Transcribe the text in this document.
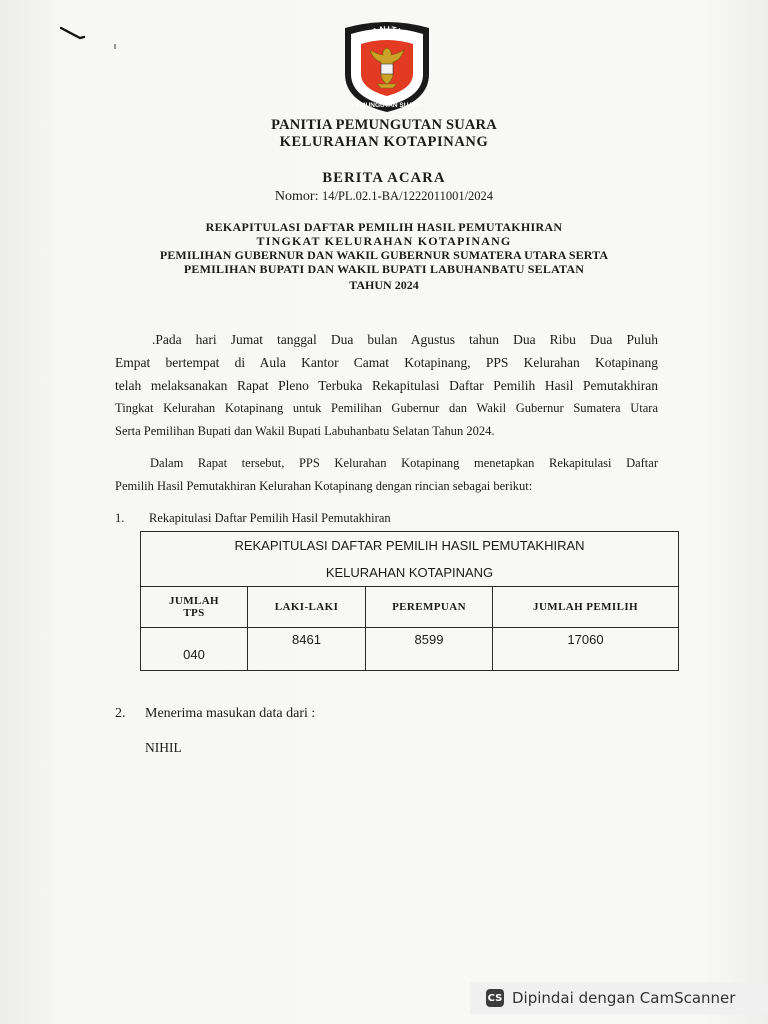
PANITIA
PEMUNGUTAN SUARA
PANITIA PEMUNGUTAN SUARA
KELURAHAN KOTAPINANG
BERITA ACARA
Nomor: 14/PL.02.1-BA/1222011001/2024
REKAPITULASI DAFTAR PEMILIH HASIL PEMUTAKHIRAN
TINGKAT KELURAHAN KOTAPINANG
PEMILIHAN GUBERNUR DAN WAKIL GUBERNUR SUMATERA UTARA SERTA
PEMILIHAN BUPATI DAN WAKIL BUPATI LABUHANBATU SELATAN
TAHUN 2024
.Pada hari Jumat tanggal Dua bulan Agustus tahun Dua Ribu Dua Puluh
Empat bertempat di Aula Kantor Camat Kotapinang, PPS Kelurahan Kotapinang
telah melaksanakan Rapat Pleno Terbuka Rekapitulasi Daftar Pemilih Hasil Pemutakhiran
Tingkat Kelurahan Kotapinang untuk Pemilihan Gubernur dan Wakil Gubernur Sumatera Utara
Serta Pemilihan Bupati dan Wakil Bupati Labuhanbatu Selatan Tahun 2024.
Dalam Rapat tersebut, PPS Kelurahan Kotapinang menetapkan Rekapitulasi Daftar
Pemilih Hasil Pemutakhiran Kelurahan Kotapinang dengan rincian sebagai berikut:
1. Rekapitulasi Daftar Pemilih Hasil Pemutakhiran
REKAPITULASI DAFTAR PEMILIH HASIL PEMUTAKHIRAN
KELURAHAN KOTAPINANG			

JUMLAH
TPS	LAKI-LAKI	PEREMPUAN	JUMLAH PEMILIH
040	8461	8599	17060
2. Menerima masukan data dari :
NIHIL
CS Dipindai dengan CamScanner
